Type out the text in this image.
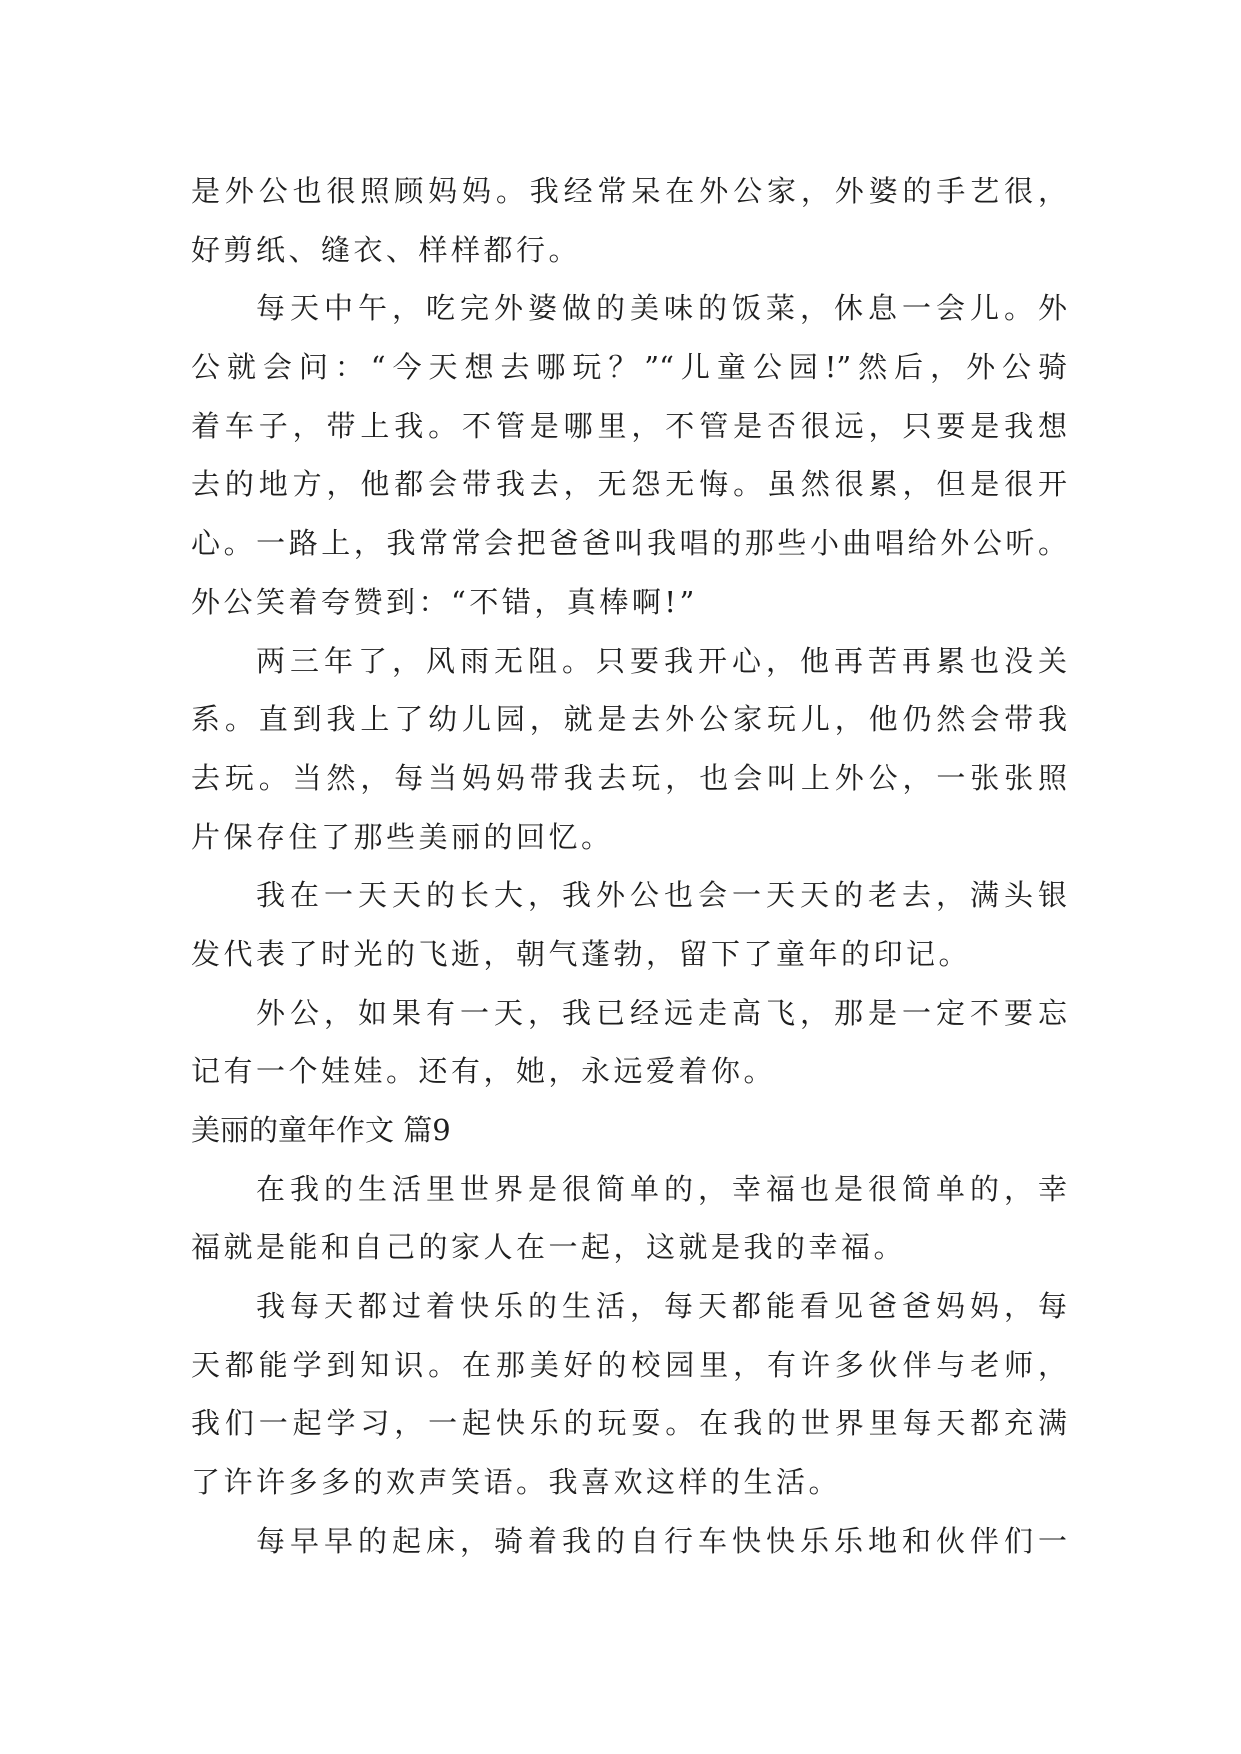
是外公也很照顾妈妈。我经常呆在外公家，外婆的手艺很，
好剪纸、缝衣、样样都行。
每天中午，吃完外婆做的美味的饭菜，休息一会儿。外
公就会问：“今天想去哪玩？”“儿童公园!”然后，外公骑
着车子，带上我。不管是哪里，不管是否很远，只要是我想
去的地方，他都会带我去，无怨无悔。虽然很累，但是很开
心。一路上，我常常会把爸爸叫我唱的那些小曲唱给外公听。
外公笑着夸赞到：“不错，真棒啊!”
两三年了，风雨无阻。只要我开心，他再苦再累也没关
系。直到我上了幼儿园，就是去外公家玩儿，他仍然会带我
去玩。当然，每当妈妈带我去玩，也会叫上外公，一张张照
片保存住了那些美丽的回忆。
我在一天天的长大，我外公也会一天天的老去，满头银
发代表了时光的飞逝，朝气蓬勃，留下了童年的印记。
外公，如果有一天，我已经远走高飞，那是一定不要忘
记有一个娃娃。还有，她，永远爱着你。
美丽的童年作文 篇9
在我的生活里世界是很简单的，幸福也是很简单的，幸
福就是能和自己的家人在一起，这就是我的幸福。
我每天都过着快乐的生活，每天都能看见爸爸妈妈，每
天都能学到知识。在那美好的校园里，有许多伙伴与老师，
我们一起学习，一起快乐的玩耍。在我的世界里每天都充满
了许许多多的欢声笑语。我喜欢这样的生活。
每早早的起床，骑着我的自行车快快乐乐地和伙伴们一
